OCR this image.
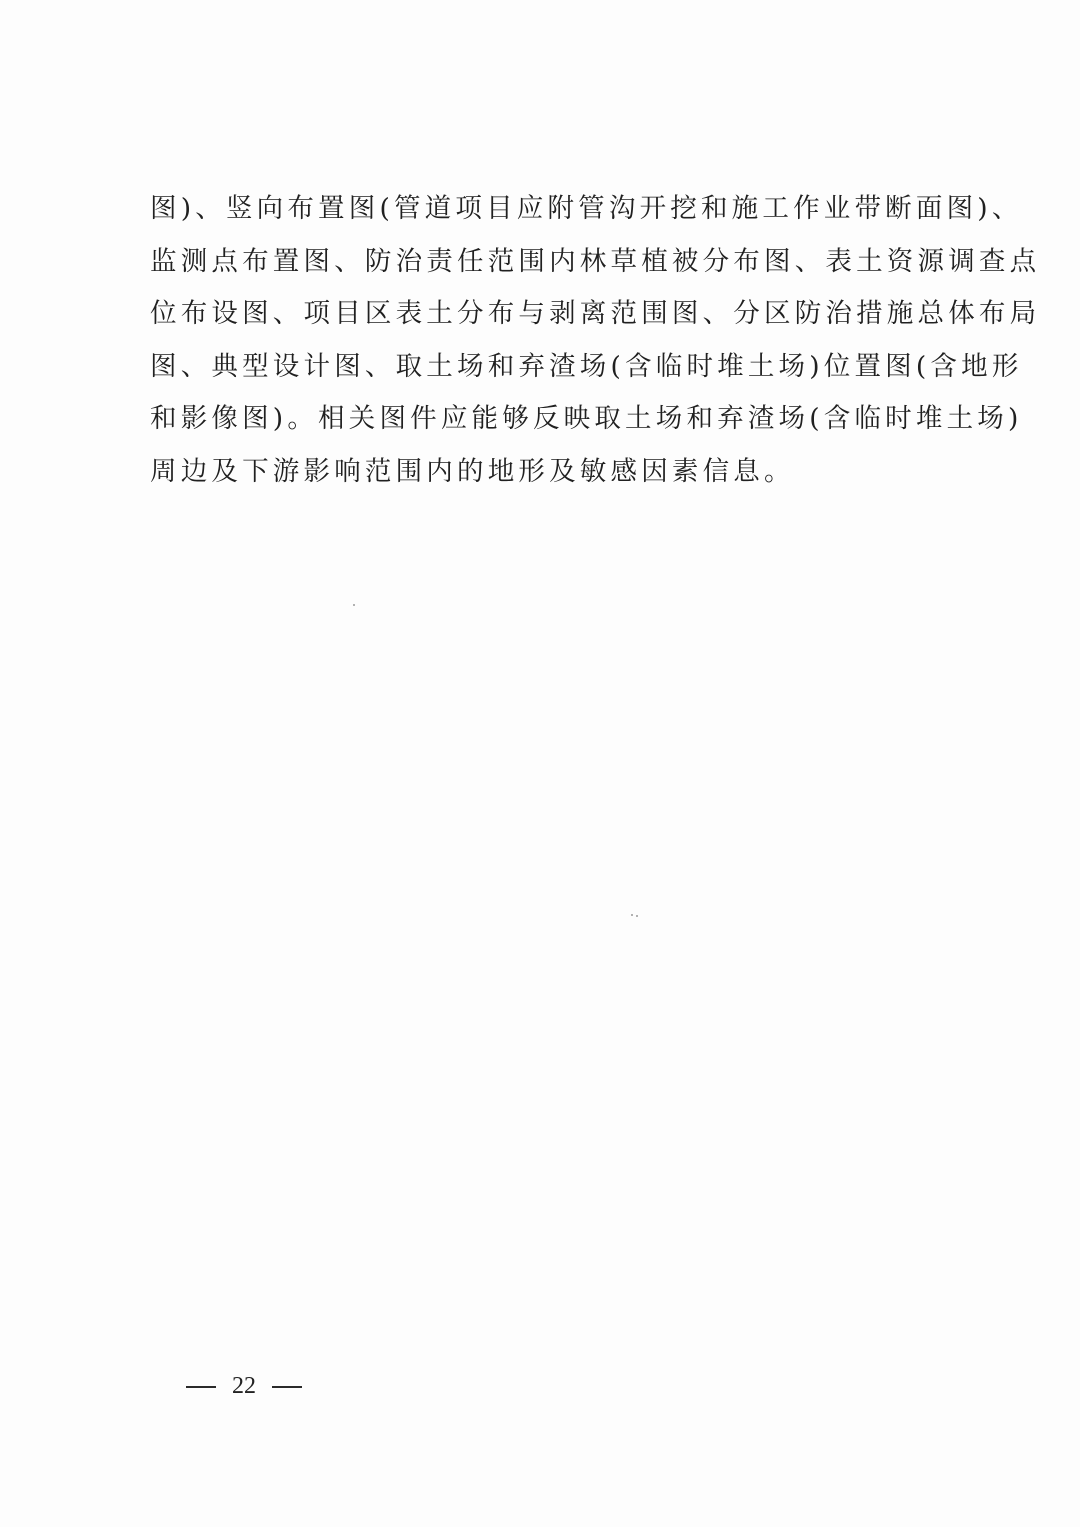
图)、竖向布置图(管道项目应附管沟开挖和施工作业带断面图)、
监测点布置图、防治责任范围内林草植被分布图、表土资源调查点
位布设图、项目区表土分布与剥离范围图、分区防治措施总体布局
图、典型设计图、取土场和弃渣场(含临时堆土场)位置图(含地形
和影像图)。相关图件应能够反映取土场和弃渣场(含临时堆土场)
周边及下游影响范围内的地形及敏感因素信息。
22
